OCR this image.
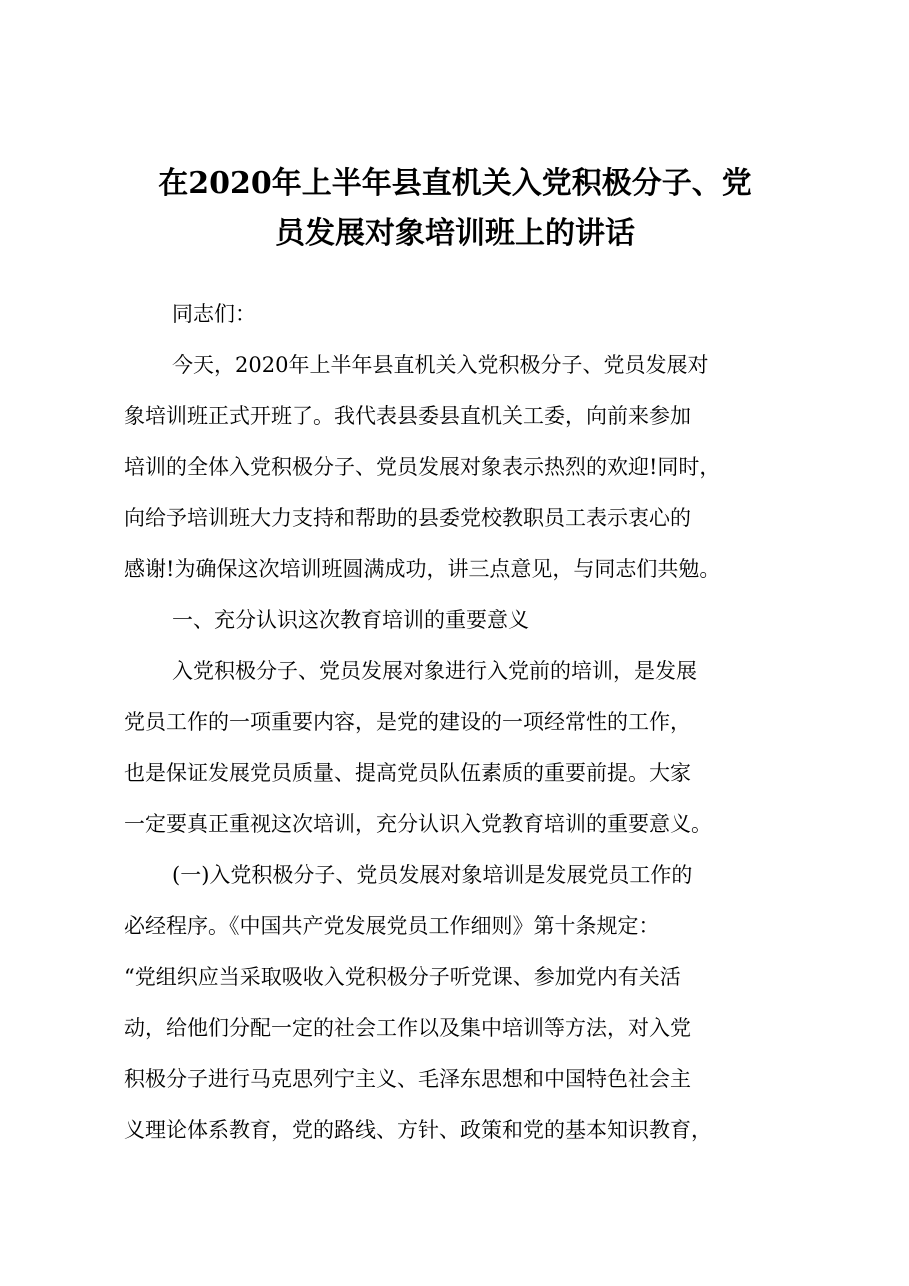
在2020年上半年县直机关入党积极分子、党
员发展对象培训班上的讲话
同志们：
今天，2020年上半年县直机关入党积极分子、党员发展对
象培训班正式开班了。我代表县委县直机关工委，向前来参加
培训的全体入党积极分子、党员发展对象表示热烈的欢迎!同时，
向给予培训班大力支持和帮助的县委党校教职员工表示衷心的
感谢!为确保这次培训班圆满成功，讲三点意见，与同志们共勉。
一、充分认识这次教育培训的重要意义
入党积极分子、党员发展对象进行入党前的培训，是发展
党员工作的一项重要内容，是党的建设的一项经常性的工作，
也是保证发展党员质量、提高党员队伍素质的重要前提。大家
一定要真正重视这次培训，充分认识入党教育培训的重要意义。
(一)入党积极分子、党员发展对象培训是发展党员工作的
必经程序。《中国共产党发展党员工作细则》第十条规定：
“党组织应当采取吸收入党积极分子听党课、参加党内有关活
动，给他们分配一定的社会工作以及集中培训等方法，对入党
积极分子进行马克思列宁主义、毛泽东思想和中国特色社会主
义理论体系教育，党的路线、方针、政策和党的基本知识教育，
